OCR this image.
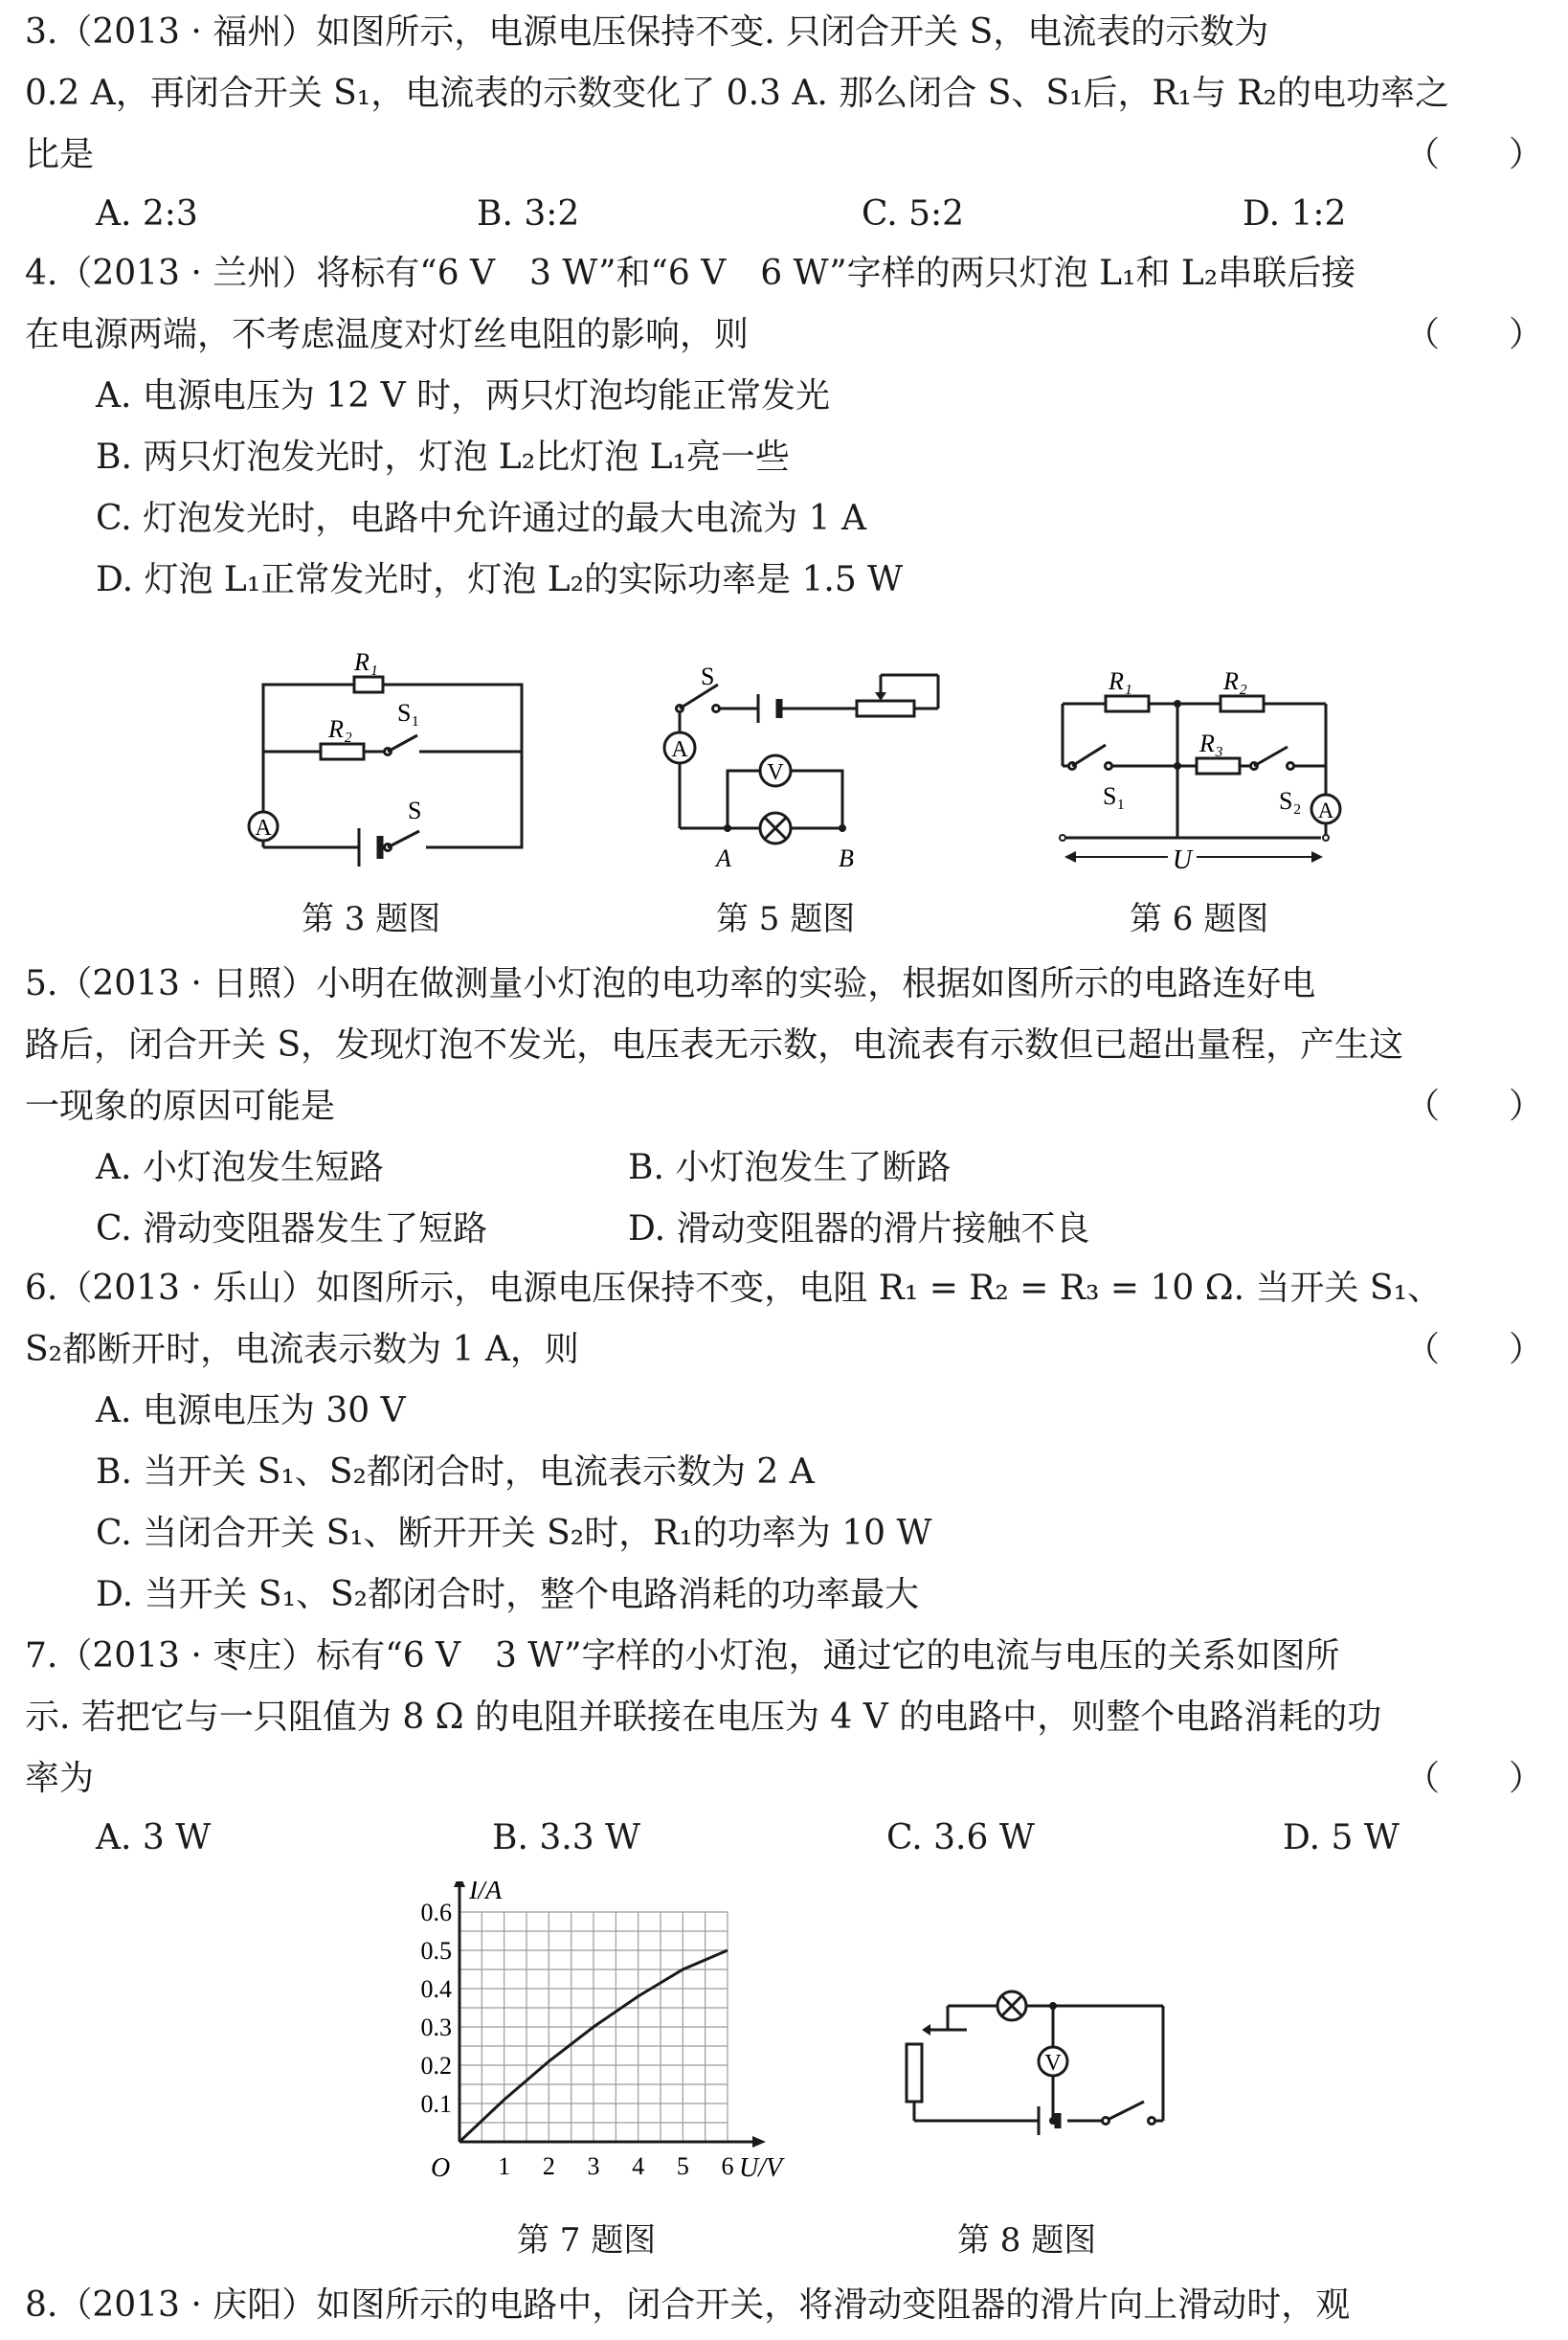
3.（2013 · 福州）如图所示，电源电压保持不变. 只闭合开关 S，电流表的示数为
0.2 A，再闭合开关 S₁，电流表的示数变化了 0.3 A. 那么闭合 S、S₁后，R₁与 R₂的电功率之
比是	（　　）
A. 2:3	B. 3:2	C. 5:2	D. 1:2
4.（2013 · 兰州）将标有“6 V　3 W”和“6 V　6 W”字样的两只灯泡 L₁和 L₂串联后接
在电源两端，不考虑温度对灯丝电阻的影响，则	（　　）
A. 电源电压为 12 V 时，两只灯泡均能正常发光
B. 两只灯泡发光时，灯泡 L₂比灯泡 L₁亮一些
C. 灯泡发光时，电路中允许通过的最大电流为 1 A
D. 灯泡 L₁正常发光时，灯泡 L₂的实际功率是 1.5 W
R₁
R₂
S₁
S
A
第 3 题图
S
A
V
A	B
第 5 题图
R₁	R₂
R₃
S₁	S₂ A
U
第 6 题图
5.（2013 · 日照）小明在做测量小灯泡的电功率的实验，根据如图所示的电路连好电
路后，闭合开关 S，发现灯泡不发光，电压表无示数，电流表有示数但已超出量程，产生这
一现象的原因可能是	（　　）
A. 小灯泡发生短路	B. 小灯泡发生了断路
C. 滑动变阻器发生了短路	D. 滑动变阻器的滑片接触不良
6.（2013 · 乐山）如图所示，电源电压保持不变，电阻 R₁ = R₂ = R₃ = 10 Ω. 当开关 S₁、
S₂都断开时，电流表示数为 1 A，则	（　　）
A. 电源电压为 30 V
B. 当开关 S₁、S₂都闭合时，电流表示数为 2 A
C. 当闭合开关 S₁、断开开关 S₂时，R₁的功率为 10 W
D. 当开关 S₁、S₂都闭合时，整个电路消耗的功率最大
7.（2013 · 枣庄）标有“6 V　3 W”字样的小灯泡，通过它的电流与电压的关系如图所
示. 若把它与一只阻值为 8 Ω 的电阻并联接在电压为 4 V 的电路中，则整个电路消耗的功
率为	（　　）
A. 3 W	B. 3.3 W	C. 3.6 W	D. 5 W
1 2 3 4 5 6
0.1
0.2
0.3
0.4
0.5
0.6
I/A
U/V
O
第 7 题图
V
第 8 题图
8.（2013 · 庆阳）如图所示的电路中，闭合开关，将滑动变阻器的滑片向上滑动时，观
